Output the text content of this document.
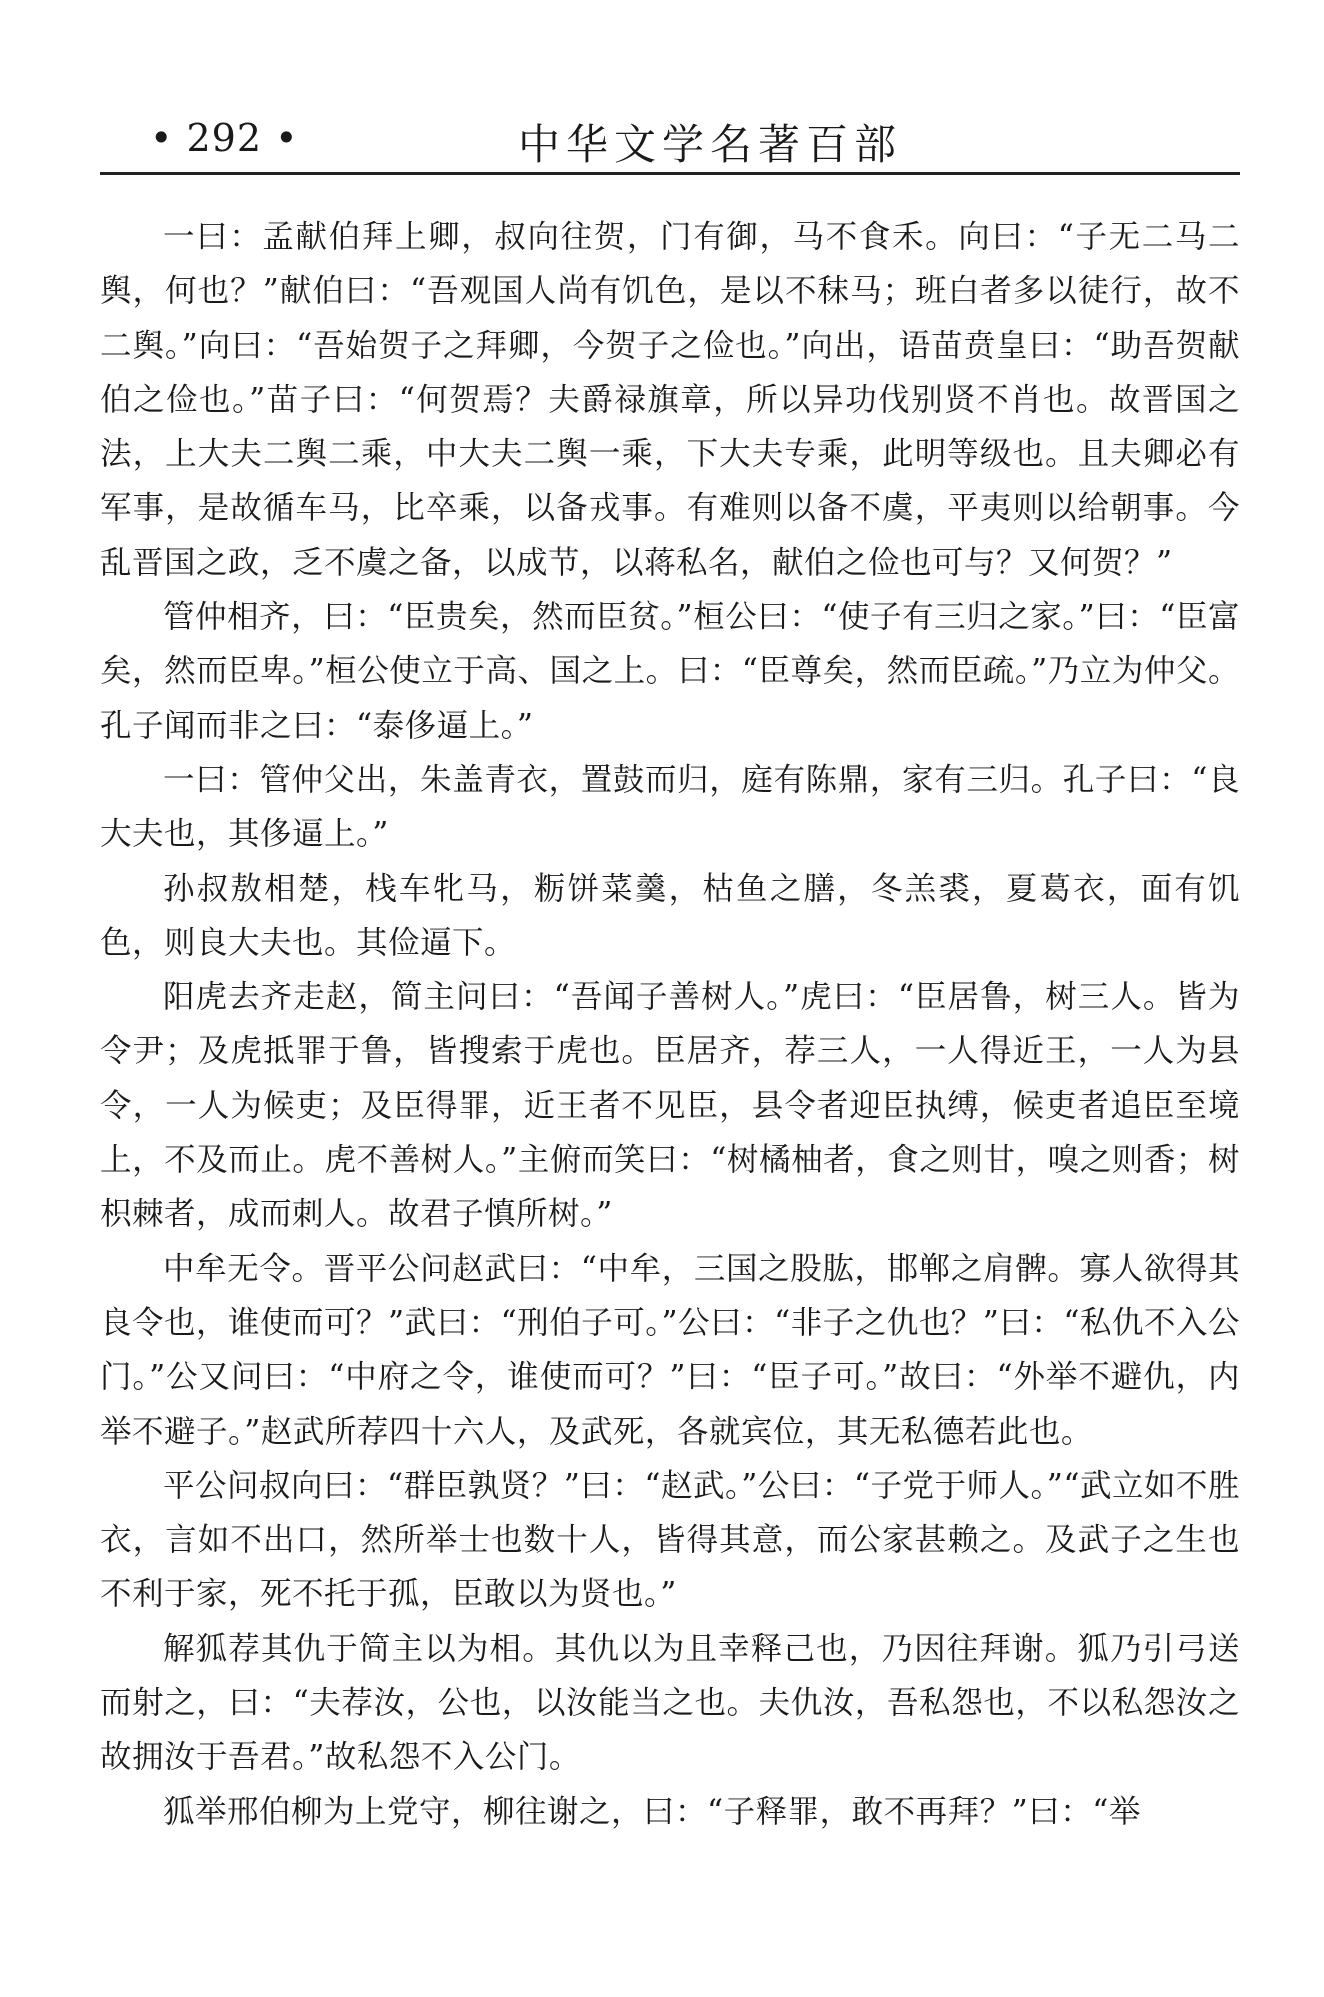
• 292 •	中华文学名著百部

一曰：孟献伯拜上卿，叔向往贺，门有御，马不食禾。向曰：“子无二马二舆，何也？”献伯曰：“吾观国人尚有饥色，是以不秣马；班白者多以徒行，故不二舆。”向曰：“吾始贺子之拜卿，今贺子之俭也。”向出，语苗贲皇曰：“助吾贺献伯之俭也。”苗子曰：“何贺焉？夫爵禄旗章，所以异功伐别贤不肖也。故晋国之法，上大夫二舆二乘，中大夫二舆一乘，下大夫专乘，此明等级也。且夫卿必有军事，是故循车马，比卒乘，以备戎事。有难则以备不虞，平夷则以给朝事。今乱晋国之政，乏不虞之备，以成节，以蒋私名，献伯之俭也可与？又何贺？”

管仲相齐，曰：“臣贵矣，然而臣贫。”桓公曰：“使子有三归之家。”曰：“臣富矣，然而臣卑。”桓公使立于高、国之上。曰：“臣尊矣，然而臣疏。”乃立为仲父。孔子闻而非之曰：“泰侈逼上。”

一曰：管仲父出，朱盖青衣，置鼓而归，庭有陈鼎，家有三归。孔子曰：“良大夫也，其侈逼上。”

孙叔敖相楚，栈车牝马，粝饼菜羹，枯鱼之膳，冬羔裘，夏葛衣，面有饥色，则良大夫也。其俭逼下。

阳虎去齐走赵，简主问曰：“吾闻子善树人。”虎曰：“臣居鲁，树三人。皆为令尹；及虎抵罪于鲁，皆搜索于虎也。臣居齐，荐三人，一人得近王，一人为县令，一人为候吏；及臣得罪，近王者不见臣，县令者迎臣执缚，候吏者追臣至境上，不及而止。虎不善树人。”主俯而笑曰：“树橘柚者，食之则甘，嗅之则香；树枳棘者，成而刺人。故君子慎所树。”

中牟无令。晋平公问赵武曰：“中牟，三国之股肱，邯郸之肩髀。寡人欲得其良令也，谁使而可？”武曰：“刑伯子可。”公曰：“非子之仇也？”曰：“私仇不入公门。”公又问曰：“中府之令，谁使而可？”曰：“臣子可。”故曰：“外举不避仇，内举不避子。”赵武所荐四十六人，及武死，各就宾位，其无私德若此也。

平公问叔向曰：“群臣孰贤？”曰：“赵武。”公曰：“子党于师人。”“武立如不胜衣，言如不出口，然所举士也数十人，皆得其意，而公家甚赖之。及武子之生也不利于家，死不托于孤，臣敢以为贤也。”

解狐荐其仇于简主以为相。其仇以为且幸释己也，乃因往拜谢。狐乃引弓送而射之，曰：“夫荐汝，公也，以汝能当之也。夫仇汝，吾私怨也，不以私怨汝之故拥汝于吾君。”故私怨不入公门。

狐举邢伯柳为上党守，柳往谢之，曰：“子释罪，敢不再拜？”曰：“举
